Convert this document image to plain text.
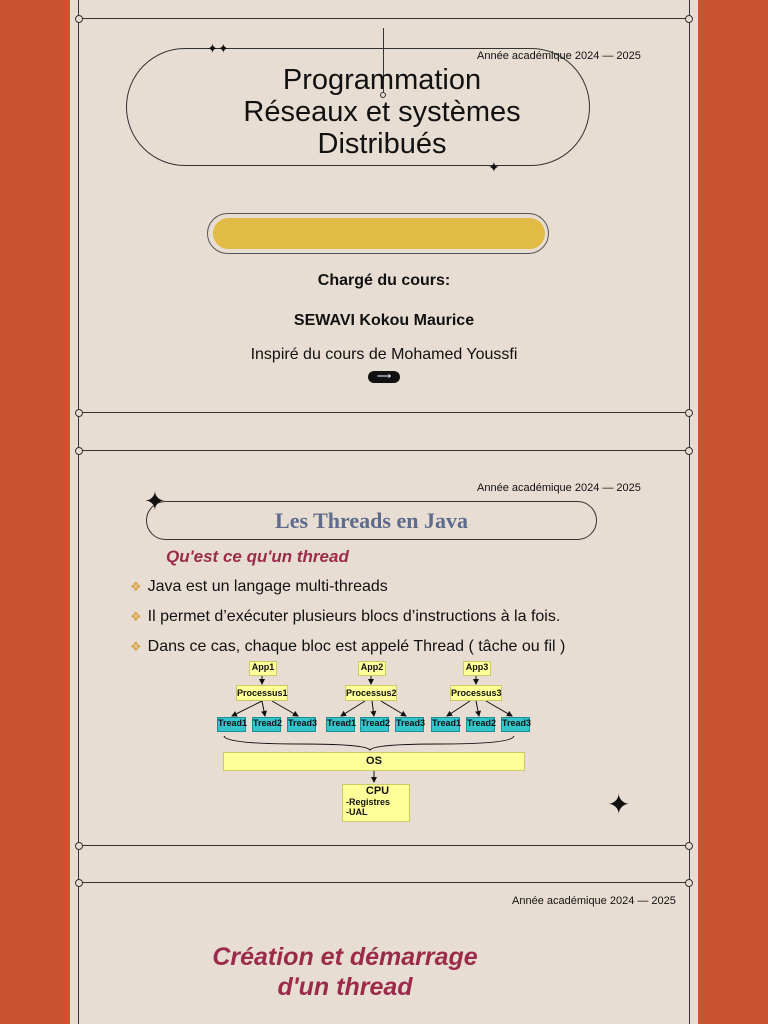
Année académique 2024 — 2025
✦✦
✦
Programmation
Réseaux et systèmes
Distribués
Chargé du cours:
SEWAVI Kokou Maurice
Inspiré du cours de Mohamed Youssfi
⟶
Année académique 2024 — 2025
✦
Les Threads en Java
Qu'est ce qu'un thread
❖ Java est un langage multi-threads
❖ Il permet d’exécuter plusieurs blocs d’instructions à la fois.
❖ Dans ce cas, chaque bloc est appelé Thread ( tâche ou fil )
App1	App2	App3
Processus1	Processus2	Processus3
Tread1 Tread2 Tread3 Tread1 Tread2 Tread3 Tread1 Tread2 Tread3
OS
CPU
-Registres
-UAL	✦
Année académique 2024 — 2025
Création et démarrage
d'un thread
